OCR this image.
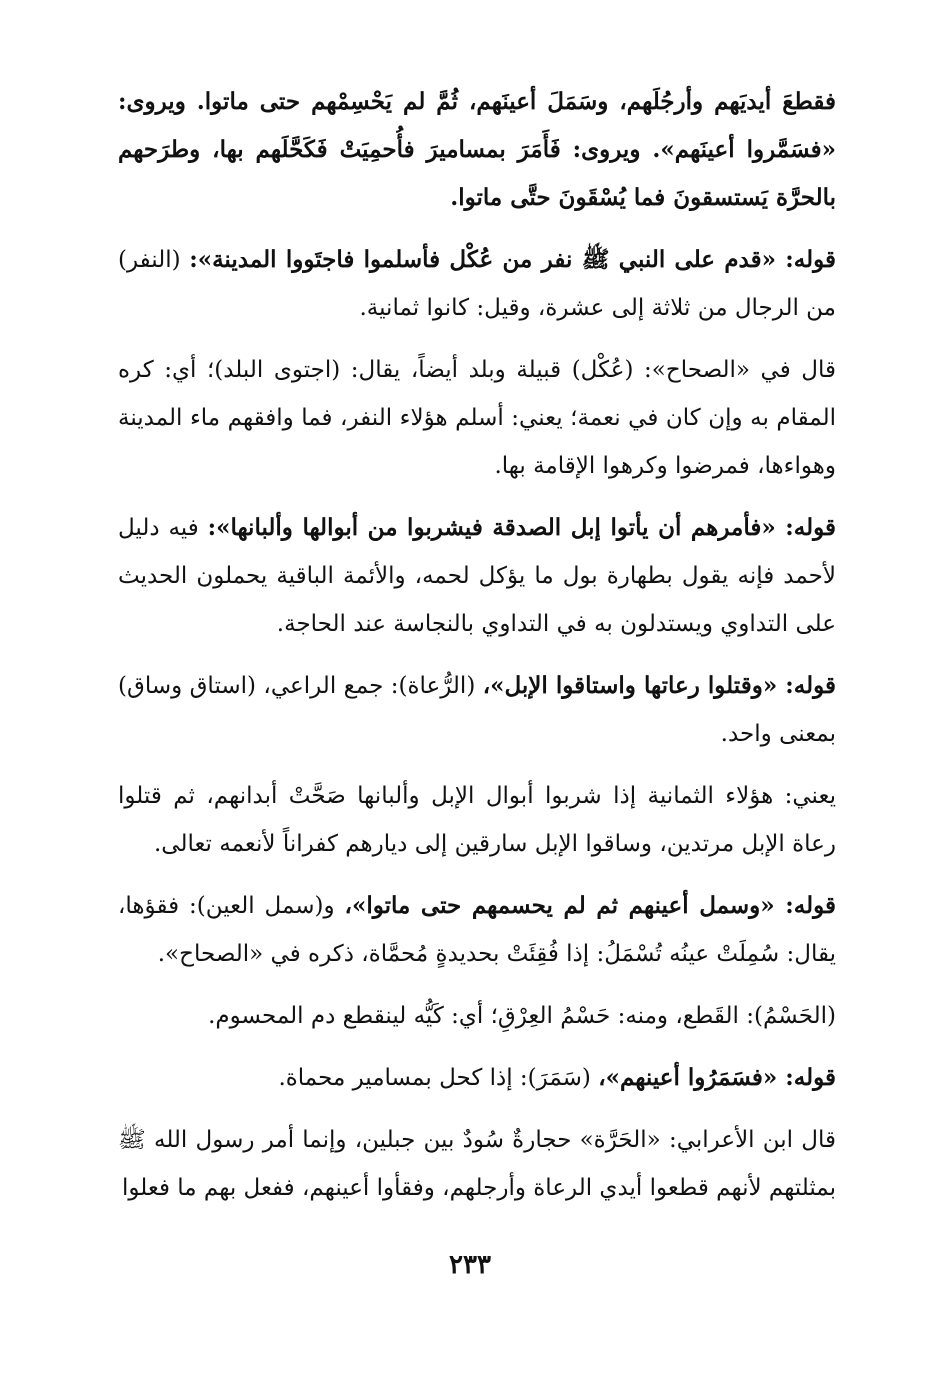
فقطعَ أيديَهم وأرجُلَهم، وسَمَلَ أعينَهم، ثُمَّ لم يَحْسِمْهم حتى ماتوا. ويروى: «فسَمَّروا أعينَهم». ويروى: فَأَمَرَ بمساميرَ فأُحمِيَتْ فَكَحَّلَهم بها، وطرَحهم بالحرَّة يَستسقونَ فما يُسْقَونَ حتَّى ماتوا.

قوله: «قدم على النبي ﷺ نفر من عُكْل فأسلموا فاجتَووا المدينة»: (النفر) من الرجال من ثلاثة إلى عشرة، وقيل: كانوا ثمانية.

قال في «الصحاح»: (عُكْل) قبيلة وبلد أيضاً، يقال: (اجتوى البلد)؛ أي: كره المقام به وإن كان في نعمة؛ يعني: أسلم هؤلاء النفر، فما وافقهم ماء المدينة وهواءها، فمرضوا وكرهوا الإقامة بها.

قوله: «فأمرهم أن يأتوا إبل الصدقة فيشربوا من أبوالها وألبانها»: فيه دليل لأحمد فإنه يقول بطهارة بول ما يؤكل لحمه، والأئمة الباقية يحملون الحديث على التداوي ويستدلون به في التداوي بالنجاسة عند الحاجة.

قوله: «وقتلوا رعاتها واستاقوا الإبل»، (الرُّعاة): جمع الراعي، (استاق وساق) بمعنى واحد.

يعني: هؤلاء الثمانية إذا شربوا أبوال الإبل وألبانها صَحَّتْ أبدانهم، ثم قتلوا رعاة الإبل مرتدين، وساقوا الإبل سارقين إلى ديارهم كفراناً لأنعمه تعالى.

قوله: «وسمل أعينهم ثم لم يحسمهم حتى ماتوا»، و(سمل العين): فقؤها، يقال: سُمِلَتْ عينُه تُسْمَلُ: إذا فُقِئَتْ بحديدةٍ مُحمَّاة، ذكره في «الصحاح».

(الحَسْمُ): القَطع، ومنه: حَسْمُ العِرْقِ؛ أي: كَيُّه لينقطع دم المحسوم.

قوله: «فسَمَرُوا أعينهم»، (سَمَرَ): إذا كحل بمسامير محماة.

قال ابن الأعرابي: «الحَرَّة» حجارةٌ سُودٌ بين جبلين، وإنما أمر رسول الله ﷺ بمثلتهم لأنهم قطعوا أيدي الرعاة وأرجلهم، وفقأوا أعينهم، ففعل بهم ما فعلوا

٢٣٣
